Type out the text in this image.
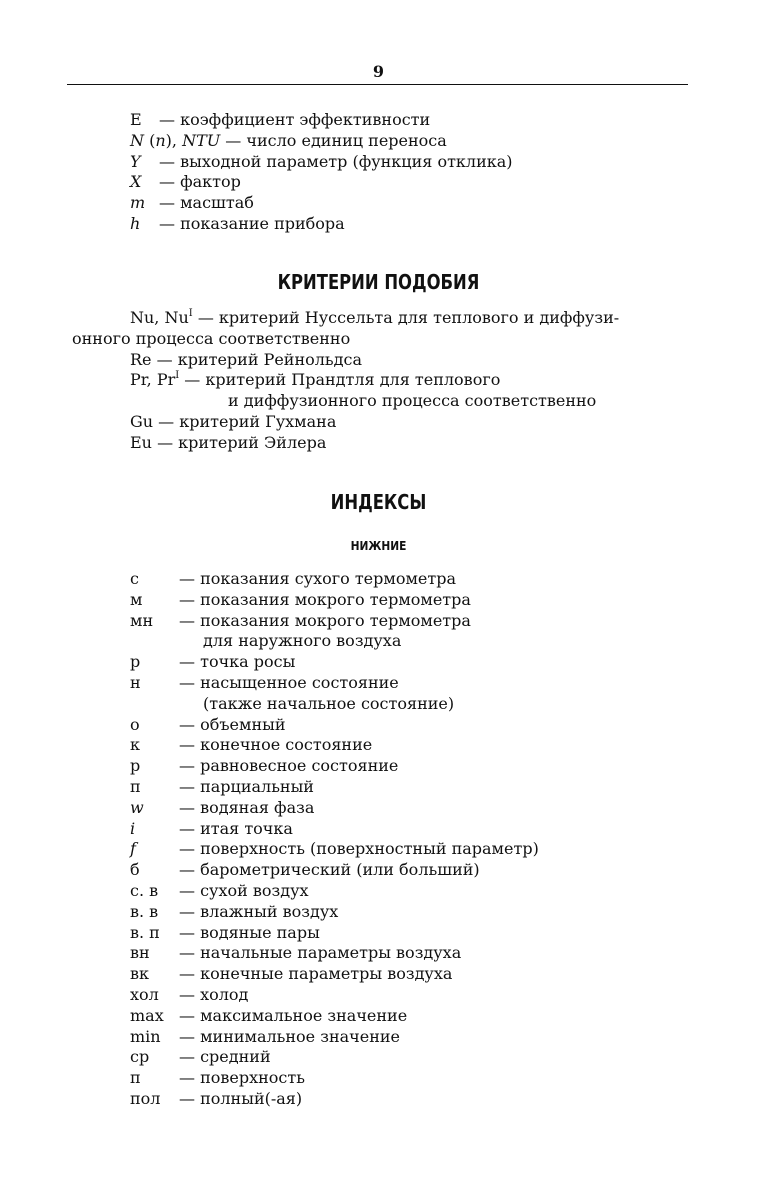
9
E — коэффициент эффективности
N (n), NTU — число единиц переноса
Y — выходной параметр (функция отклика)
X — фактор
m — масштаб
h — показание прибора
КРИТЕРИИ ПОДОБИЯ
Nu, $Nu^I$ — критерий Нуссельта для теплового и диффузи-
онного процесса соответственно
Re — критерий Рейнольдса
Pr, $Pr^I$ — критерий Прандтля для теплового
и диффузионного процесса соответственно
Gu — критерий Гухмана
Eu — критерий Эйлера
ИНДЕКСЫ
НИЖНИЕ
с	— показания сухого термометра
м — показания мокрого термометра
мн — показания мокрого термометра
для наружного воздуха
р — точка росы
н — насыщенное состояние
(также начальное состояние)
о — объемный
к — конечное состояние
р — равновесное состояние
п — парциальный
w — водяная фаза
i	— итая точка
f	— поверхность (поверхностный параметр)
б — барометрический (или больший)
с. в — сухой воздух
в. в — влажный воздух
в. п — водяные пары
вн — начальные параметры воздуха
вк — конечные параметры воздуха
хол — холод
max — максимальное значение
min — минимальное значение
ср — средний
п — поверхность
пол — полный(-ая)
